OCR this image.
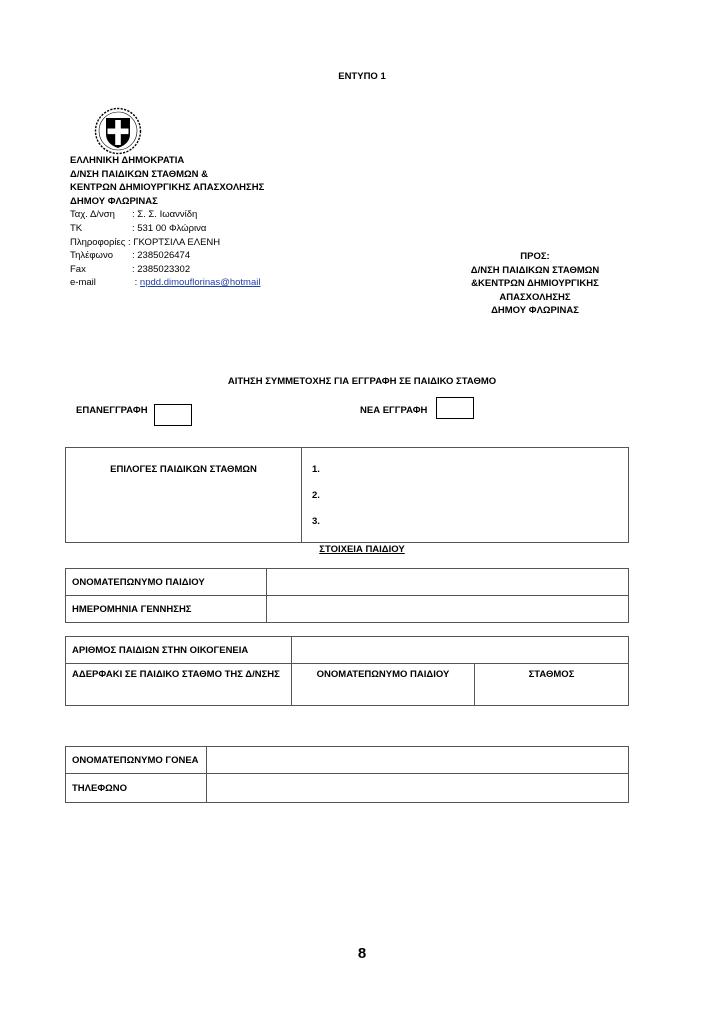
ΕΝΤΥΠΟ 1
ΕΛΛΗΝΙΚΗ ΔΗΜΟΚΡΑΤΙΑ
Δ/ΝΣΗ ΠΑΙΔΙΚΩΝ ΣΤΑΘΜΩΝ &
ΚΕΝΤΡΩΝ ΔΗΜΙΟΥΡΓΙΚΗΣ ΑΠΑΣΧΟΛΗΣΗΣ
ΔΗΜΟΥ ΦΛΩΡΙΝΑΣ
Ταχ. Δ/νση : Σ. Σ. Ιωαννίδη
ΤΚ	: 531 00 Φλώρινα
Πληροφορίες : ΓΚΟΡΤΣΙΛΑ ΕΛΕΝΗ
Τηλέφωνο : 2385026474
Fax	: 2385023302
e-mail	: npdd.dimouflorinas@hotmail
ΠΡΟΣ:
Δ/ΝΣΗ ΠΑΙΔΙΚΩΝ ΣΤΑΘΜΩΝ
&ΚΕΝΤΡΩΝ ΔΗΜΙΟΥΡΓΙΚΗΣ
ΑΠΑΣΧΟΛΗΣΗΣ
ΔΗΜΟΥ ΦΛΩΡΙΝΑΣ
ΑΙΤΗΣΗ ΣΥΜΜΕΤΟΧΗΣ ΓΙΑ ΕΓΓΡΑΦΗ ΣΕ ΠΑΙΔΙΚΟ ΣΤΑΘΜΟ
ΕΠΑΝΕΓΓΡΑΦΗ	ΝΕΑ ΕΓΓΡΑΦΗ
ΕΠΙΛΟΓΕΣ ΠΑΙΔΙΚΩΝ ΣΤΑΘΜΩΝ	1.
2.
3.
ΣΤΟΙΧΕΙΑ ΠΑΙΔΙΟΥ
ΟΝΟΜΑΤΕΠΩΝΥΜΟ ΠΑΙΔΙΟΥ	
ΗΜΕΡΟΜΗΝΙΑ ΓΕΝΝΗΣΗΣ	
ΑΡΙΘΜΟΣ ΠΑΙΔΙΩΝ ΣΤΗΝ ΟΙΚΟΓΕΝΕΙΑ		
ΑΔΕΡΦΑΚΙ ΣΕ ΠΑΙΔΙΚΟ ΣΤΑΘΜΟ ΤΗΣ Δ/ΝΣΗΣ	ΟΝΟΜΑΤΕΠΩΝΥΜΟ ΠΑΙΔΙΟΥ	ΣΤΑΘΜΟΣ
ΟΝΟΜΑΤΕΠΩΝΥΜΟ ΓΟΝΕΑ	
ΤΗΛΕΦΩΝΟ	
8
